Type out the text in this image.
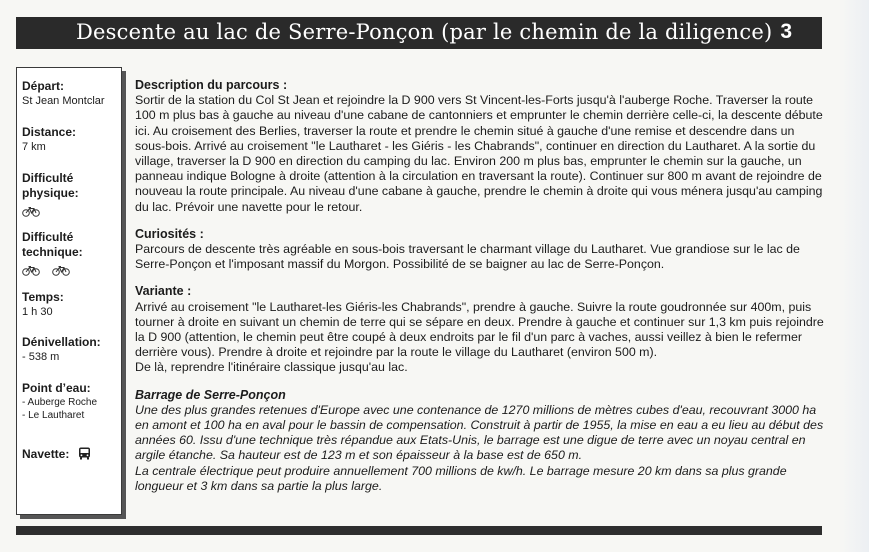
Descente au lac de Serre-Ponçon (par le chemin de la diligence) 3
Départ:
St Jean Montclar
Distance:
7 km
Difficulté physique:
Difficulté technique:

Temps:
1 h 30
Dénivellation:
- 538 m
Point d’eau:
- Auberge Roche
- Le Lautharet
Navette:
Description du parcours :

Sortir de la station du Col St Jean et rejoindre la D 900 vers St Vincent-les-Forts jusqu'à l'auberge Roche. Traverser la route 100 m plus bas à gauche au niveau d'une cabane de cantonniers et emprunter le chemin derrière celle-ci, la descente débute ici. Au croisement des Berlies, traverser la route et prendre le chemin situé à gauche d'une remise et descendre dans un sous-bois. Arrivé au croisement "le Lautharet - les Giéris - les Chabrands", continuer en direction du Lautharet. A la sortie du village, traverser la D 900 en direction du camping du lac. Environ 200 m plus bas, emprunter le chemin sur la gauche, un panneau indique Bologne à droite (attention à la circulation en traversant la route). Continuer sur 800 m avant de rejoindre de nouveau la route principale. Au niveau d'une cabane à gauche, prendre le chemin à droite qui vous ménera jusqu'au camping du lac. Prévoir une navette pour le retour.

Curiosités :

Parcours de descente très agréable en sous-bois traversant le charmant village du Lautharet. Vue grandiose sur le lac de Serre-Ponçon et l'imposant massif du Morgon. Possibilité de se baigner au lac de Serre-Ponçon.

Variante :

Arrivé au croisement "le Lautharet-les Giéris-les Chabrands", prendre à gauche. Suivre la route goudronnée sur 400m, puis tourner à droite en suivant un chemin de terre qui se sépare en deux. Prendre à gauche et continuer sur 1,3 km puis rejoindre la D 900 (attention, le chemin peut être coupé à deux endroits par le fil d'un parc à vaches, aussi veillez à bien le refermer derrière vous). Prendre à droite et rejoindre par la route le village du Lautharet (environ 500 m).

De là, reprendre l'itinéraire classique jusqu'au lac.

Barrage de Serre-Ponçon

Une des plus grandes retenues d'Europe avec une contenance de 1270 millions de mètres cubes d'eau, recouvrant 3000 ha en amont et 100 ha en aval pour le bassin de compensation. Construit à partir de 1955, la mise en eau a eu lieu au début des années 60. Issu d'une technique très répandue aux Etats-Unis, le barrage est une digue de terre avec un noyau central en argile étanche. Sa hauteur est de 123 m et son épaisseur à la base est de 650 m.

La centrale électrique peut produire annuellement 700 millions de kw/h. Le barrage mesure 20 km dans sa plus grande longueur et 3 km dans sa partie la plus large.
